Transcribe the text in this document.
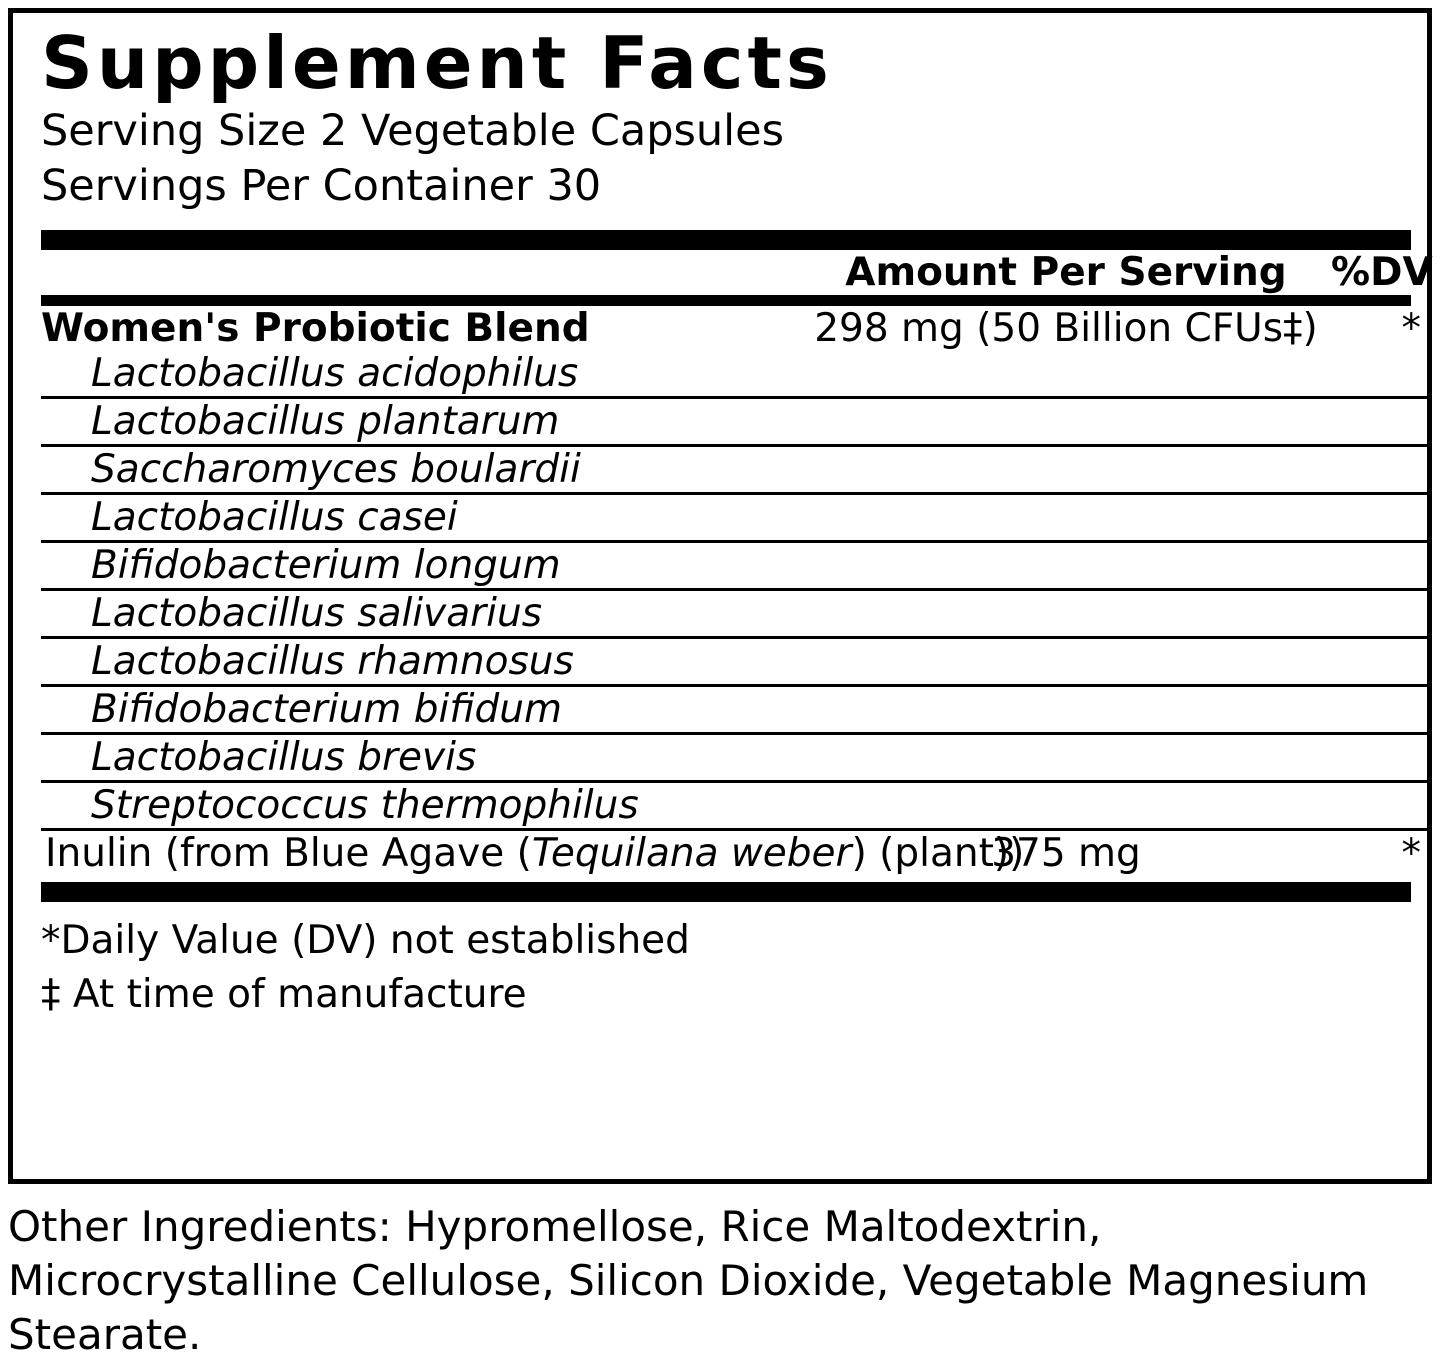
Supplement Facts
Serving Size 2 Vegetable Capsules
Servings Per Container 30
	Amount Per Serving	%DV
Women's Probiotic Blend	298 mg (50 Billion CFUs‡)	*
Lactobacillus acidophilus		
Lactobacillus plantarum		
Saccharomyces boulardii		
Lactobacillus casei		
Bifidobacterium longum		
Lactobacillus salivarius		
Lactobacillus rhamnosus		
Bifidobacterium bifidum		
Lactobacillus brevis		
Streptococcus thermophilus		
Inulin (from Blue Agave (Tequilana weber) (plant))	375 mg	*
*Daily Value (DV) not established
‡ At time of manufacture
Other Ingredients: Hypromellose, Rice Maltodextrin, Microcrystalline Cellulose, Silicon Dioxide, Vegetable Magnesium Stearate.
